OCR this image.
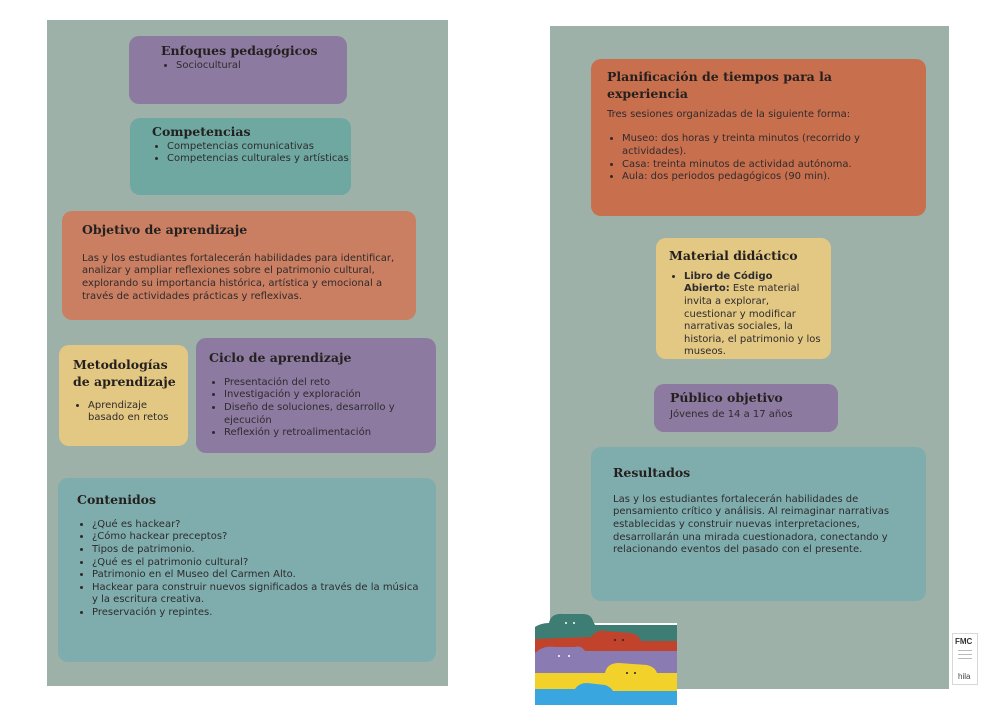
Enfoques pedagógicos
• Sociocultural
Competencias
• Competencias comunicativas
• Competencias culturales y artísticas
Objetivo de aprendizaje

Las y los estudiantes fortalecerán habilidades para identificar, analizar y ampliar reflexiones sobre el patrimonio cultural, explorando su importancia histórica, artística y emocional a través de actividades prácticas y reflexivas.

Metodologías de aprendizaje
• Aprendizaje basado en retos
Ciclo de aprendizaje
• Presentación del reto
• Investigación y exploración
• Diseño de soluciones, desarrollo y ejecución
• Reflexión y retroalimentación
Contenidos
• ¿Qué es hackear?
• ¿Cómo hackear preceptos?
• Tipos de patrimonio.
• ¿Qué es el patrimonio cultural?
• Patrimonio en el Museo del Carmen Alto.
• Hackear para construir nuevos significados a través de la música y la escritura creativa.
• Preservación y repintes.
Planificación de tiempos para la experiencia

Tres sesiones organizadas de la siguiente forma:

• Museo: dos horas y treinta minutos (recorrido y actividades).
• Casa: treinta minutos de actividad autónoma.
• Aula: dos periodos pedagógicos (90 min).
Material didáctico
• Libro de Código Abierto: Este material invita a explorar, cuestionar y modificar narrativas sociales, la historia, el patrimonio y los museos.
Público objetivo

Jóvenes de 14 a 17 años

Resultados

Las y los estudiantes fortalecerán habilidades de pensamiento crítico y análisis. Al reimaginar narrativas establecidas y construir nuevas interpretaciones, desarrollarán una mirada cuestionadora, conectando y relacionando eventos del pasado con el presente.

FMC
hila
